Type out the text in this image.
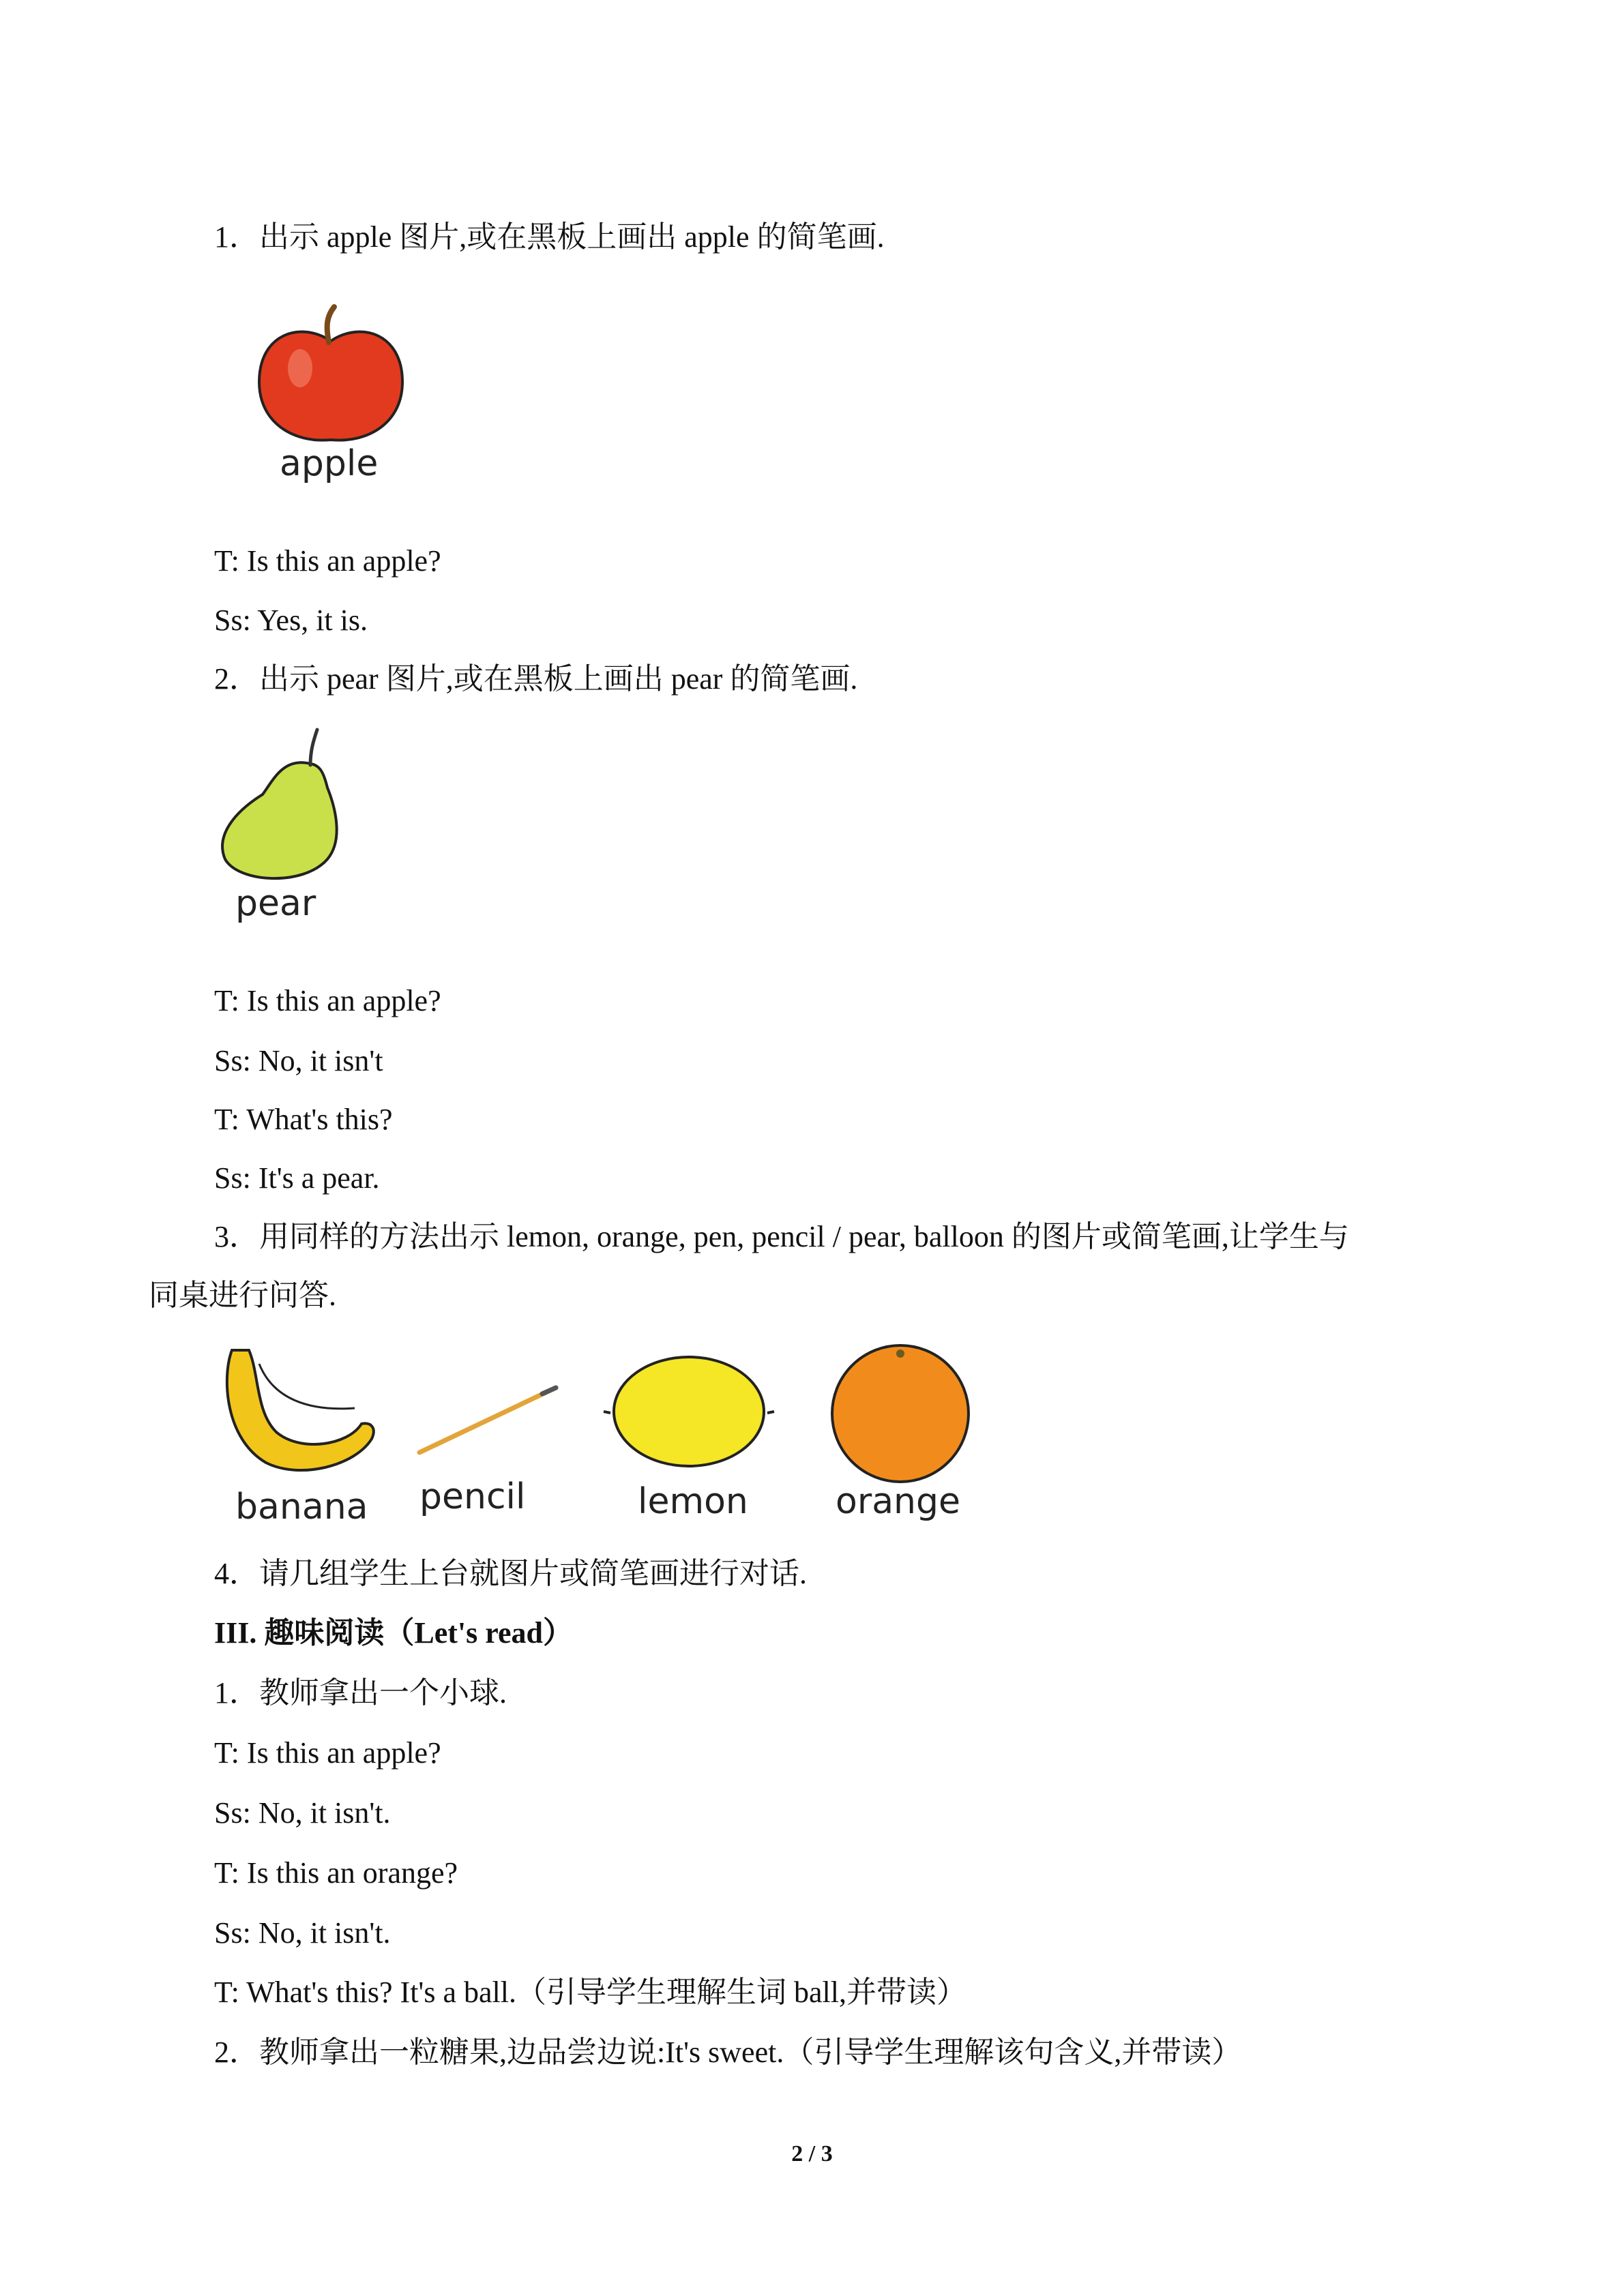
1．出示 apple 图片,或在黑板上画出 apple 的简笔画.
apple
T: Is this an apple?
Ss: Yes, it is.
2．出示 pear 图片,或在黑板上画出 pear 的简笔画.
pear
T: Is this an apple?
Ss: No, it isn't
T: What's this?
Ss: It's a pear.
3．用同样的方法出示 lemon, orange, pen, pencil / pear, balloon 的图片或简笔画,让学生与
同桌进行问答.
banana pencil	lemon orange
4．请几组学生上台就图片或简笔画进行对话.
III. 趣味阅读（Let's read）
1．教师拿出一个小球.
T: Is this an apple?
Ss: No, it isn't.
T: Is this an orange?
Ss: No, it isn't.
T: What's this? It's a ball.（引导学生理解生词 ball,并带读）
2．教师拿出一粒糖果,边品尝边说:It's sweet.（引导学生理解该句含义,并带读）
2 / 3
